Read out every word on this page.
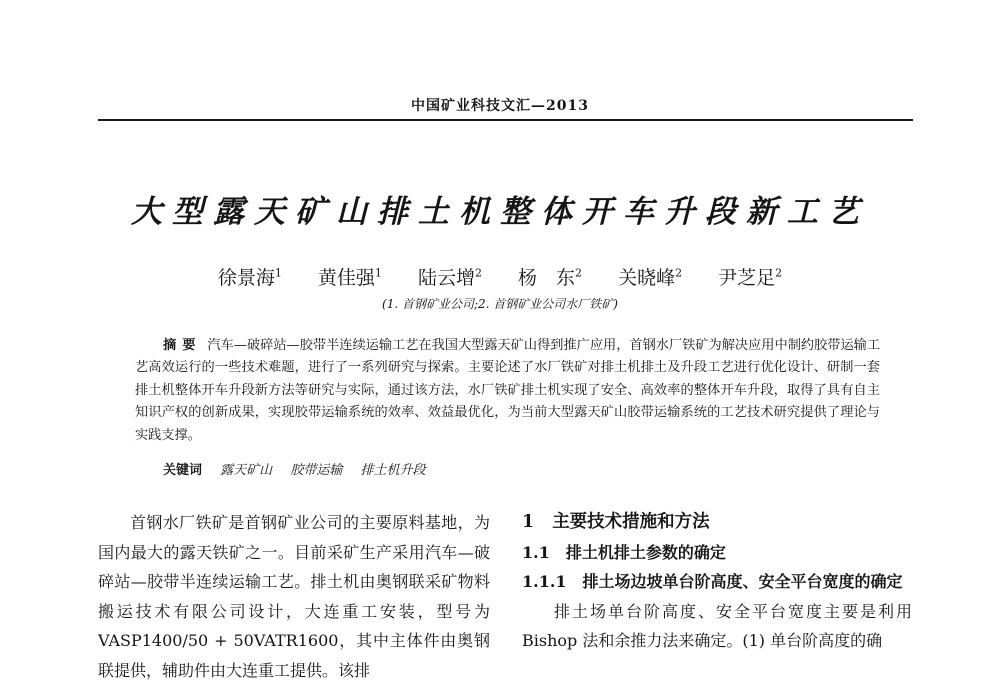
中国矿业科技文汇—2013
大型露天矿山排土机整体开车升段新工艺
徐景海$^1$ 黄佳强$^1$ 陆云增$^2$ 杨　东$^2$ 关晓峰$^2$ 尹芝足$^2$
(1. 首钢矿业公司;2. 首钢矿业公司水厂铁矿)
摘要 汽车—破碎站—胶带半连续运输工艺在我国大型露天矿山得到推广应用，首钢水厂铁矿为解决应用中制约胶带运输工艺高效运行的一些技术难题，进行了一系列研究与探索。主要论述了水厂铁矿对排土机排土及升段工艺进行优化设计、研制一套排土机整体开车升段新方法等研究与实际，通过该方法，水厂铁矿排土机实现了安全、高效率的整体开车升段，取得了具有自主知识产权的创新成果，实现胶带运输系统的效率、效益最优化，为当前大型露天矿山胶带运输系统的工艺技术研究提供了理论与实践支撑。
关键词 露天矿山 胶带运输 排土机升段

首钢水厂铁矿是首钢矿业公司的主要原料基地，为国内最大的露天铁矿之一。目前采矿生产采用汽车—破碎站—胶带半连续运输工艺。排土机由奥钢联采矿物料搬运技术有限公司设计，大连重工安装，型号为 VASP1400/50 + 50VATR1600，其中主体件由奥钢联提供，辅助件由大连重工提供。该排

1 主要技术措施和方法

1.1 排土机排土参数的确定

1.1.1 排土场边坡单台阶高度、安全平台宽度的确定

排土场单台阶高度、安全平台宽度主要是利用 Bishop 法和余推力法来确定。(1) 单台阶高度的确
